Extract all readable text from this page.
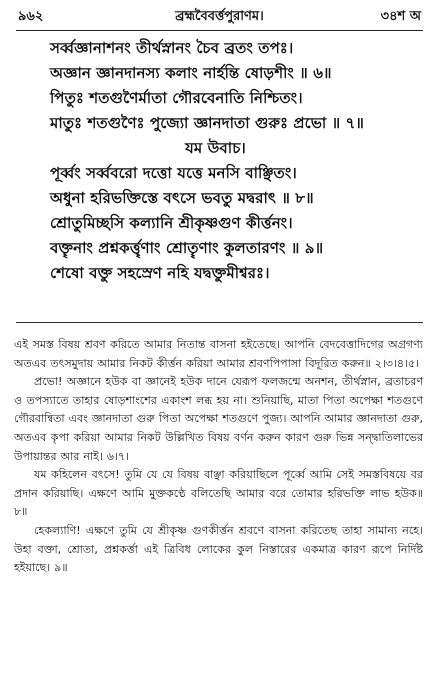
৯৬২	ব্রহ্মবৈবর্ত্তপুরাণম।	৩৪শ অ
সর্ব্বজ্ঞানাশনং তীর্থস্নানং চৈব ব্রতং তপঃ।
অজ্ঞান জ্ঞানদানস্য কলাং নার্হন্তি ষোড়শীং ॥ ৬॥
পিতুঃ শতগুণৈর্মাতা গৌরবেনাতি নিশ্চিতং।
মাতুঃ শতগুণৈঃ পুজ্যো জ্ঞানদাতা গুরুঃ প্রভো ॥ ৭॥
যম উবাচ।
পূর্ব্বং সর্ব্ববরো দত্তো যত্তে মনসি বাঞ্ছিতং।
অধুনা হরিভক্তিস্তে বৎসে ভবতু মদ্বরাৎ ॥ ৮॥
শ্রোতুমিচ্ছসি কল্যানি শ্রীকৃষ্ণগুণ কীর্ত্তনং।
বক্তৄনাং প্রশ্নকর্ত্তৄণাং শ্রোতৄণাং কুলতারণং ॥ ৯॥
শেষো বক্তু সহস্রেণ নহি যদ্বক্তুমীশ্বরঃ।

এই সমস্ত বিষয় শ্রবণ করিতে আমার নিতান্ত বাসনা হইতেছে। আপনি বেদবেত্তাদিগের অগ্রগণ্য অতএব তৎসমুদায় আমার নিকট কীর্ত্তন করিয়া আমার শ্রবণপিপাসা বিদূরিত করুন॥ ২।৩।৪।৫।

প্রভো! অজ্ঞানে হউক বা জ্ঞানেই হউক দানে যেরূপ ফলজন্মে অনশন, তীর্থস্নান, ব্রতাচরণ ও তপস্যাতে তাহার ষোড়শাংশের একাংশ লব্ধ হয় না। শুনিয়াছি, মাতা পিতা অপেক্ষা শতগুণে গৌরবান্বিতা এবং জ্ঞানদাতা গুরু পিতা অপেক্ষা শতগুণে পুজ্য। আপনি আমার জ্ঞানদাতা গুরু, অতএব কৃপা করিয়া আমার নিকট উল্লিখিত বিষয় বর্ণন করুন কারণ গুরু ভিন্ন সন্দ্বাতিলাভের উপায়ান্তর আর নাই। ৬।৭।

যম কহিলেন বৎসে! তুমি যে যে বিষয় বাঞ্ছা করিয়াছিলে পূর্ব্বে আমি সেই সমস্তবিষয়ে বর প্রদান করিয়াছি। এক্ষণে আমি মুক্তকণ্ঠে বলিতেছি আমার বরে তোমার হরিভক্তি লাভ হউক॥ ৮॥

হেকল্যাণি! এক্ষণে তুমি যে শ্রীকৃষ্ণ গুণকীর্ত্তন শ্রবণে বাসনা করিতেছ তাহা সামান্য নহে। উহা বক্তা, শ্রোতা, প্রশ্নকর্ত্তা এই ত্রিবিধ লোকের কুল নিস্তারের একমাত্র কারণ রূপে নির্দিষ্ট হইয়াছে। ৯॥
